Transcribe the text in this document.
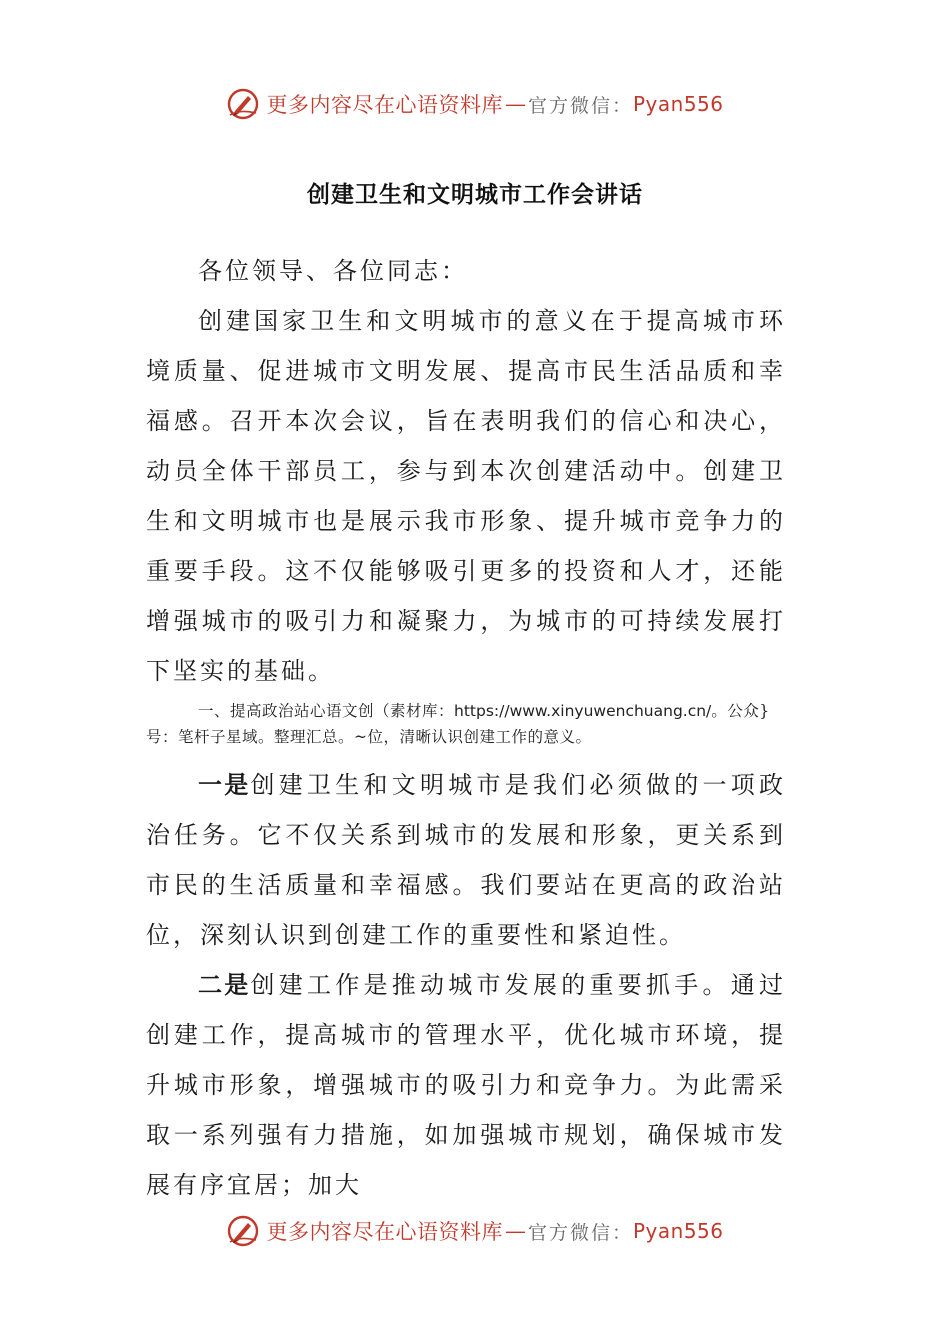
更多内容尽在心语资料库 — 官方微信： Pyan556
创建卫生和文明城市工作会讲话

各位领导、各位同志：

创建国家卫生和文明城市的意义在于提高城市环境质量、促进城市文明发展、提高市民生活品质和幸福感。召开本次会议，旨在表明我们的信心和决心，动员全体干部员工，参与到本次创建活动中。创建卫生和文明城市也是展示我市形象、提升城市竞争力的重要手段。这不仅能够吸引更多的投资和人才，还能增强城市的吸引力和凝聚力，为城市的可持续发展打下坚实的基础。

一、提高政治站心语文创（素材库：https://www.xinyuwenchuang.cn/。公众}号：笔杆子星域。整理汇总。~位，清晰认识创建工作的意义。

一是创建卫生和文明城市是我们必须做的一项政治任务。它不仅关系到城市的发展和形象，更关系到市民的生活质量和幸福感。我们要站在更高的政治站位，深刻认识到创建工作的重要性和紧迫性。

二是创建工作是推动城市发展的重要抓手。通过创建工作，提高城市的管理水平，优化城市环境，提升城市形象，增强城市的吸引力和竞争力。为此需采取一系列强有力措施，如加强城市规划，确保城市发展有序宜居；加大

更多内容尽在心语资料库 — 官方微信： Pyan556
